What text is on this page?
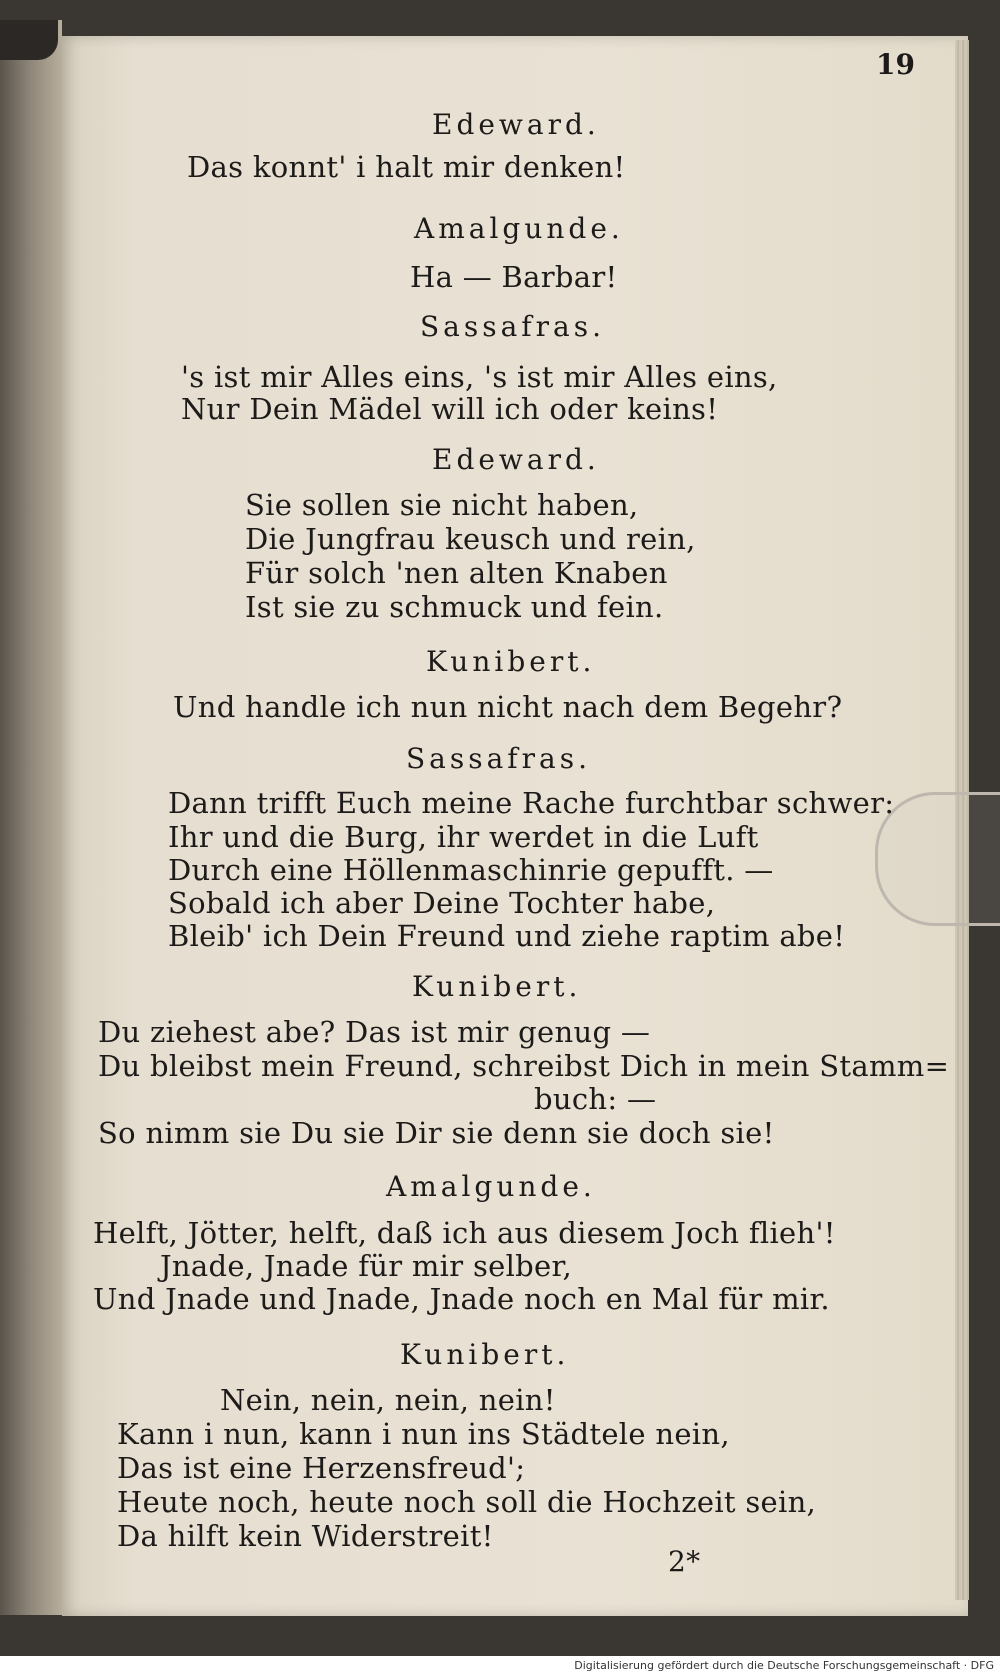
19
Edeward.
Das konnt' i halt mir denken!
Amalgunde.
Ha — Barbar!
Sassafras.
's ist mir Alles eins, 's ist mir Alles eins,
Nur Dein Mädel will ich oder keins!
Edeward.
Sie sollen sie nicht haben,
Die Jungfrau keusch und rein,
Für solch 'nen alten Knaben
Ist sie zu schmuck und fein.
Kunibert.
Und handle ich nun nicht nach dem Begehr?
Sassafras.
Dann trifft Euch meine Rache furchtbar schwer:
Ihr und die Burg, ihr werdet in die Luft
Durch eine Höllenmaschinrie gepufft. —
Sobald ich aber Deine Tochter habe,
Bleib' ich Dein Freund und ziehe raptim abe!
Kunibert.
Du ziehest abe? Das ist mir genug —
Du bleibst mein Freund, schreibst Dich in mein Stamm=
buch: —
So nimm sie Du sie Dir sie denn sie doch sie!
Amalgunde.
Helft, Jötter, helft, daß ich aus diesem Joch flieh'!
Jnade, Jnade für mir selber,
Und Jnade und Jnade, Jnade noch en Mal für mir.
Kunibert.
Nein, nein, nein, nein!
Kann i nun, kann i nun ins Städtele nein,
Das ist eine Herzensfreud';
Heute noch, heute noch soll die Hochzeit sein,
Da hilft kein Widerstreit!
2*
Digitalisierung gefördert durch die Deutsche Forschungsgemeinschaft · DFG
